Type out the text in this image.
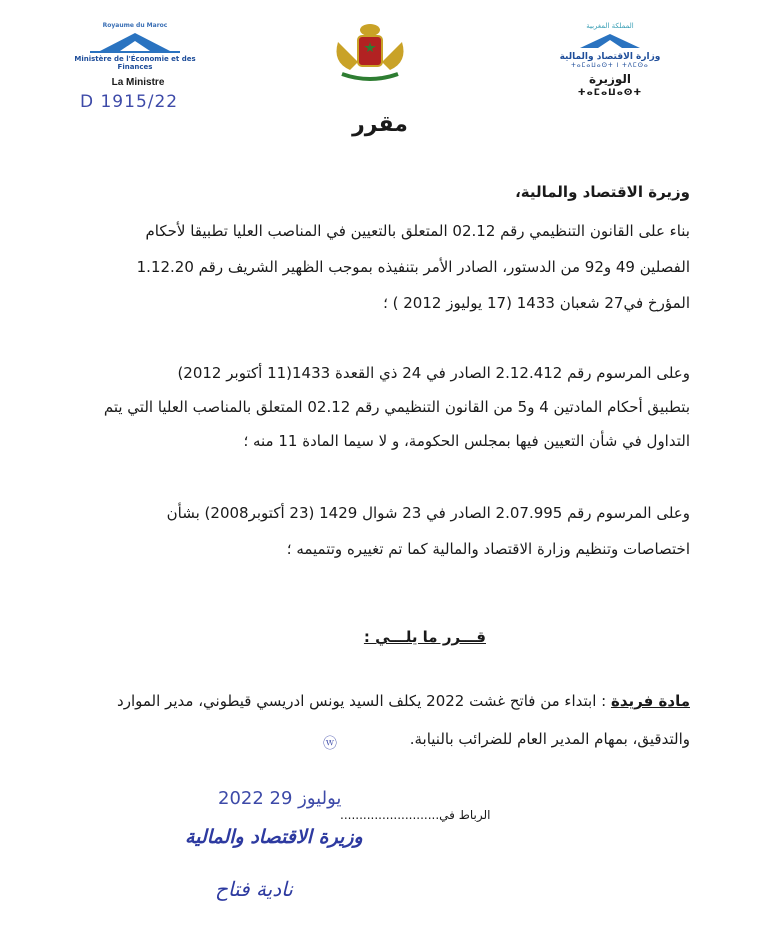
Royaume du Maroc
Ministère de l'Économie et des Finances
La Ministre
D 1915/22
المملكة المغربية
وزارة الاقتصاد والمالية
ⵜⴰⵎⴰⵡⴰⵙⵜ ⵏ ⵜⴷⵎⵙⴰ
الوزيرة
ⵜⴰⵎⴰⵡⴰⵙⵜ
مقرر
وزيرة الاقتصاد والمالية،
بناء على القانون التنظيمي رقم 02.12 المتعلق بالتعيين في المناصب العليا تطبيقا لأحكام
الفصلين 49 و92 من الدستور، الصادر الأمر بتنفيذه بموجب الظهير الشريف رقم 1.12.20
المؤرخ في27 شعبان 1433 (17 يوليوز 2012 ) ؛
وعلى المرسوم رقم 2.12.412 الصادر في 24 ذي القعدة 1433(11 أكتوبر 2012)
بتطبيق أحكام المادتين 4 و5 من القانون التنظيمي رقم 02.12 المتعلق بالمناصب العليا التي يتم
التداول في شأن التعيين فيها بمجلس الحكومة، و لا سيما المادة 11 منه ؛
وعلى المرسوم رقم 2.07.995 الصادر في 23 شوال 1429 (23 أكتوبر2008) بشأن
اختصاصات وتنظيم وزارة الاقتصاد والمالية كما تم تغييره وتتميمه ؛
قـــرر ما يلـــي :
مادة فريدة : ابتداء من فاتح غشت 2022 يكلف السيد يونس ادريسي قيطوني، مدير الموارد
والتدقيق، بمهام المدير العام للضرائب بالنيابة.
ⓦ
2022 يوليوز 29
الرباط في..........................
وزيرة الاقتصاد والمالية
نادية فتاح
